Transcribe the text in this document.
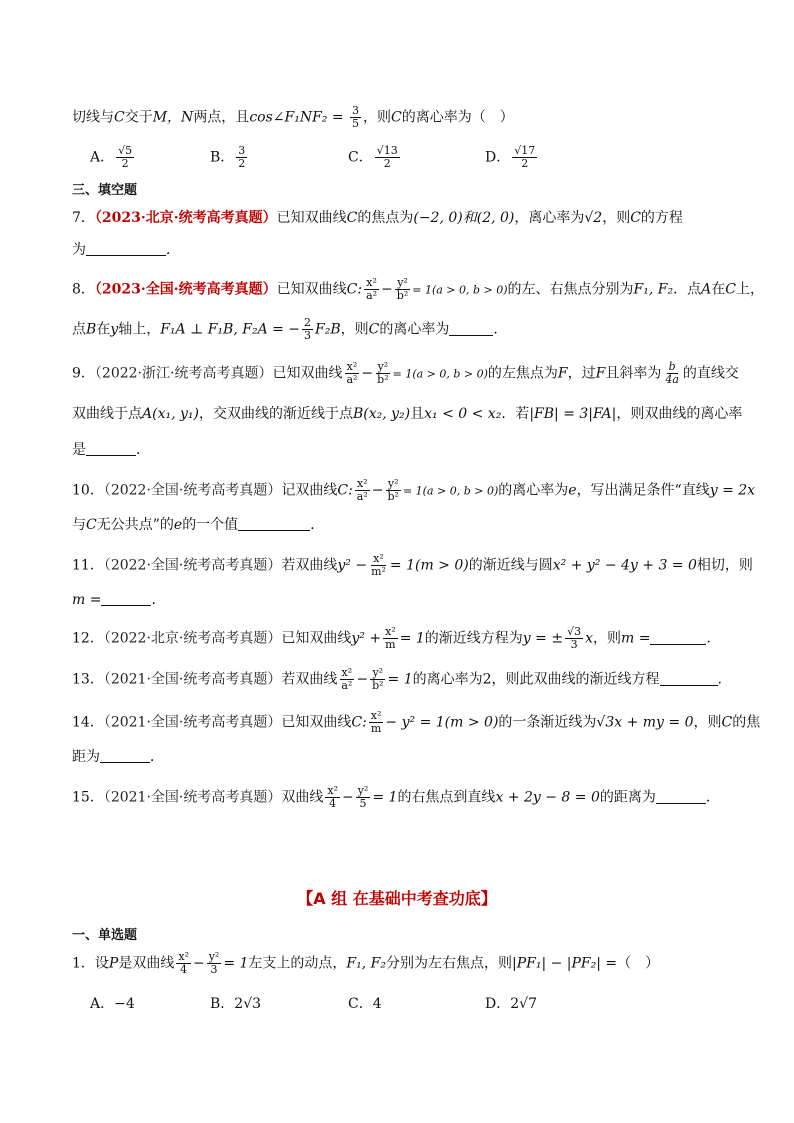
切线与C交于M，N两点，且cos∠F₁NF₂ = $\frac{3}{5}$ ，则C的离心率为（　）
A． $\frac{√5}{2}$	B． $\frac{3}{2}$	C． $\frac{√13}{2}$	D． $\frac{√17}{2}$
三、填空题
7．（2023·北京·统考高考真题）已知双曲线C的焦点为(−2, 0)和(2, 0)，离心率为√2，则C的方程
为	．
8．（2023·全国·统考高考真题）已知双曲线C: $\frac{\text{x²}}{\text{a²}} - \frac{\text{y²}}{\text{b²}} = 1(a > 0$, b > 0)的左、右焦点分别为F₁, F₂．点A在C上，
点B在y轴上，F₁A ⊥ F₁B, F₂A = − $\frac{2}{3} F_2B$，则C的离心率为	．
9．（2022·浙江·统考高考真题）已知双曲线 $\frac{\text{x²}}{\text{a²}} - \frac{\text{y²}}{\text{b²}} = 1(a > 0$, b > 0)的左焦点为F，过F且斜率为 $\frac{b}{4a}$ 的直线交
双曲线于点A(x₁, y₁)，交双曲线的渐近线于点B(x₂, y₂)且x₁ < 0 < x₂．若|FB| = 3|FA|，则双曲线的离心率
是	．
10．（2022·全国·统考高考真题）记双曲线C: $\frac{\text{x²}}{\text{a²}} - \frac{\text{y²}}{\text{b²}} = 1(a > 0$, b > 0)的离心率为e，写出满足条件“直线y = 2x
与C无公共点”的e的一个值	．
11．（2022·全国·统考高考真题）若双曲线$y^2 - \frac{\text{x²}}{\text{m²}} = 1(m > 0)$的渐近线与圆x² + y² − 4y + 3 = 0相切，则
m =	．
12．（2022·北京·统考高考真题）已知双曲线$y^2 + \frac{\text{x²}}{m} = 1$的渐近线方程为y = ± $\frac{√3}{3}$ x，则m =	．
13．（2021·全国·统考高考真题）若双曲线 $\frac{\text{x²}}{\text{a²}} - \frac{\text{y²}}{\text{b²}} = 1$的离心率为2，则此双曲线的渐近线方程	.
14．（2021·全国·统考高考真题）已知双曲线C: $\frac{\text{x²}}{m} - y^2 = 1(m > 0)$的一条渐近线为√3x + my = 0，则C的焦
距为	．
15．（2021·全国·统考高考真题）双曲线 $\frac{\text{x²}}{4} - \frac{\text{y²}}{5} = 1$的右焦点到直线x + 2y − 8 = 0的距离为	．
【A 组 在基础中考查功底】
一、单选题
1．设P是双曲线 $\frac{\text{x²}}{4} - \frac{\text{y²}}{3} = 1$左支上的动点，F₁, F₂分别为左右焦点，则|PF₁| − |PF₂| =（　）
A．−4	B．2√3	C．4	D．2√7
